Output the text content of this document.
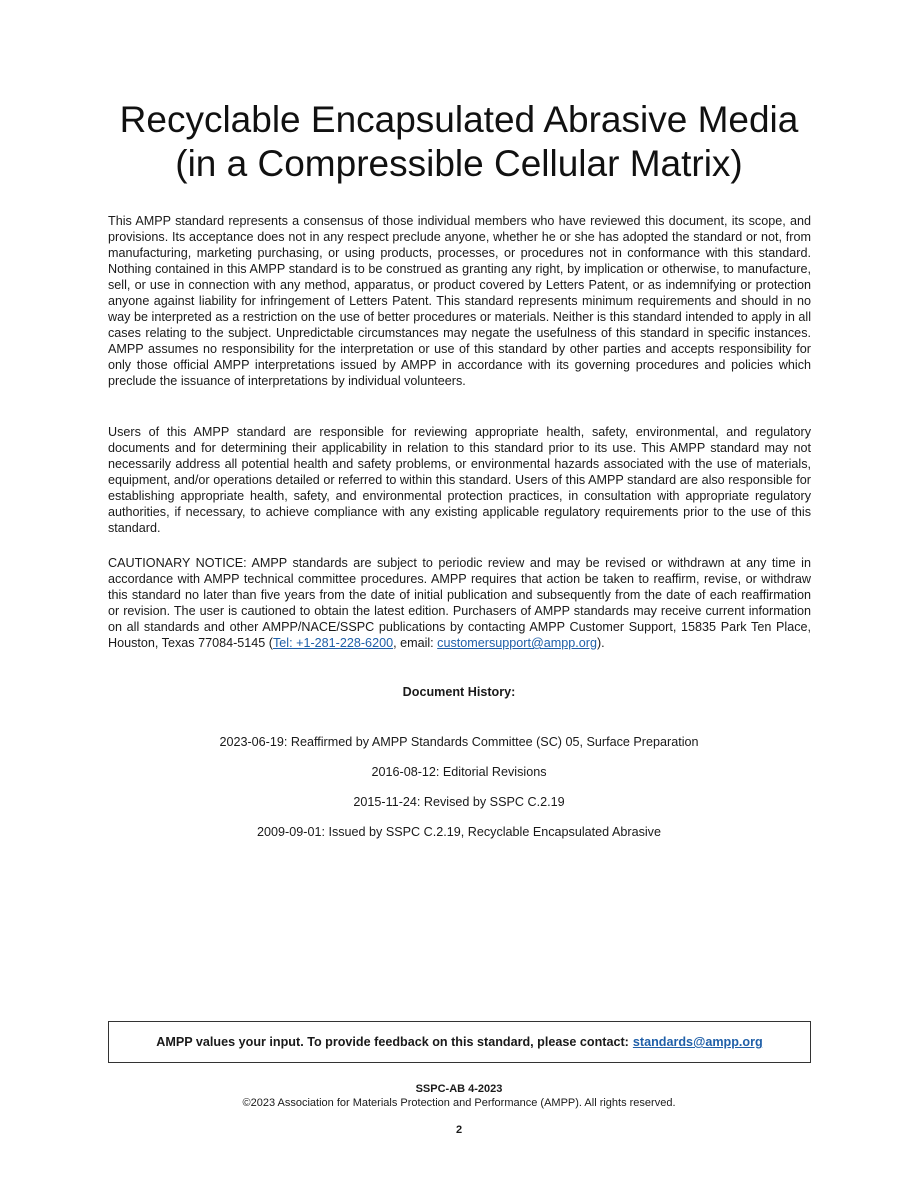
Recyclable Encapsulated Abrasive Media
(in a Compressible Cellular Matrix)

This AMPP standard represents a consensus of those individual members who have reviewed this document, its scope, and provisions. Its acceptance does not in any respect preclude anyone, whether he or she has adopted the standard or not, from manufacturing, marketing purchasing, or using products, processes, or procedures not in conformance with this standard. Nothing contained in this AMPP standard is to be construed as granting any right, by implication or otherwise, to manufacture, sell, or use in connection with any method, apparatus, or product covered by Letters Patent, or as indemnifying or protection anyone against liability for infringement of Letters Patent. This standard represents minimum requirements and should in no way be interpreted as a restriction on the use of better procedures or materials. Neither is this standard intended to apply in all cases relating to the subject. Unpredictable circumstances may negate the usefulness of this standard in specific instances. AMPP assumes no responsibility for the interpretation or use of this standard by other parties and accepts responsibility for only those official AMPP interpretations issued by AMPP in accordance with its governing procedures and policies which preclude the issuance of interpretations by individual volunteers.

Users of this AMPP standard are responsible for reviewing appropriate health, safety, environmental, and regulatory documents and for determining their applicability in relation to this standard prior to its use. This AMPP standard may not necessarily address all potential health and safety problems, or environmental hazards associated with the use of materials, equipment, and/or operations detailed or referred to within this standard. Users of this AMPP standard are also responsible for establishing appropriate health, safety, and environmental protection practices, in consultation with appropriate regulatory authorities, if necessary, to achieve compliance with any existing applicable regulatory requirements prior to the use of this standard.

CAUTIONARY NOTICE: AMPP standards are subject to periodic review and may be revised or withdrawn at any time in accordance with AMPP technical committee procedures. AMPP requires that action be taken to reaffirm, revise, or withdraw this standard no later than five years from the date of initial publication and subsequently from the date of each reaffirmation or revision. The user is cautioned to obtain the latest edition. Purchasers of AMPP standards may receive current information on all standards and other AMPP/NACE/SSPC publications by contacting AMPP Customer Support, 15835 Park Ten Place, Houston, Texas 77084-5145 (Tel: +1-281-228-6200, email: customersupport@ampp.org).

Document History:
2023-06-19: Reaffirmed by AMPP Standards Committee (SC) 05, Surface Preparation
2016-08-12: Editorial Revisions
2015-11-24: Revised by SSPC C.2.19
2009-09-01: Issued by SSPC C.2.19, Recyclable Encapsulated Abrasive
AMPP values your input. To provide feedback on this standard, please contact: standards@ampp.org
SSPC-AB 4-2023
©2023 Association for Materials Protection and Performance (AMPP). All rights reserved.
2
